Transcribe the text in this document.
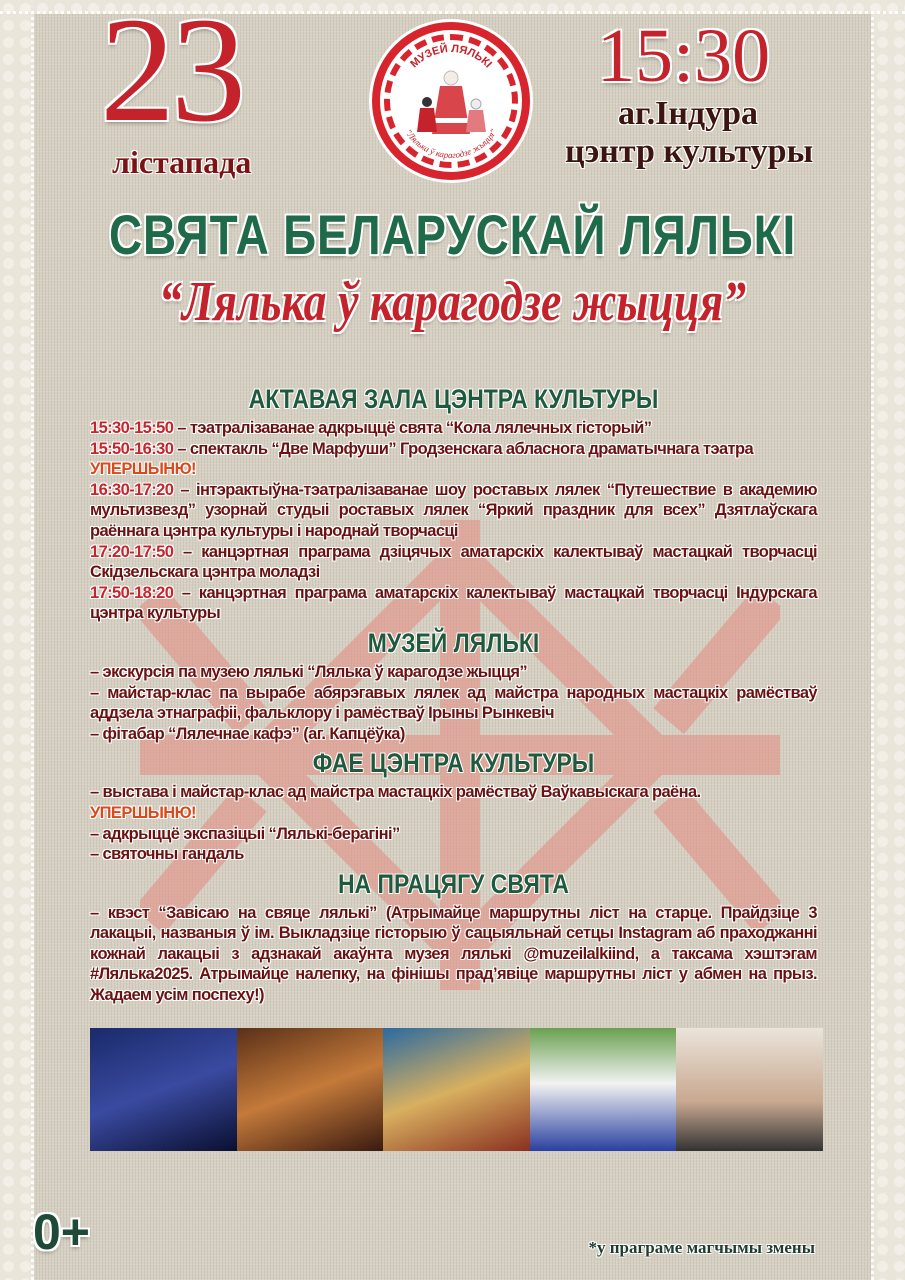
23
лістапада
МУЗЕЙ ЛЯЛЬКІ
"Лялька ў карагодзе жыцця"
15:30
аг.Індура
цэнтр культуры
СВЯТА БЕЛАРУСКАЙ ЛЯЛЬКІ
“Лялька ў карагодзе жыцця”
АКТАВАЯ ЗАЛА ЦЭНТРА КУЛЬТУРЫ

15:30-15:50 – тэатралізаванае адкрыццё свята “Кола лялечных гісторый”

15:50-16:30 – спектакль “Две Марфуши” Гродзенскага абласнога драматычнага тэатра
УПЕРШЫНЮ!

16:30-17:20 – інтэрактыўна-тэатралізаванае шоу роставых лялек “Путешествие в академию мультизвезд” узорнай студыі роставых лялек “Яркий праздник для всех” Дзятлаўскага раённага цэнтра культуры і народнай творчасці

17:20-17:50 – канцэртная праграма дзіцячых аматарскіх калектываў мастацкай творчасці Скідзельскага цэнтра моладзі

17:50-18:20 – канцэртная праграма аматарскіх калектываў мастацкай творчасці Індурскага цэнтра культуры

МУЗЕЙ ЛЯЛЬКІ

– экскурсія па музею лялькі “Лялька ў карагодзе жыцця”

– майстар-клас па вырабе абярэгавых лялек ад майстра народных мастацкіх рамёстваў аддзела этнаграфіі, фальклору і рамёстваў Ірыны Рынкевіч

– фітабар “Лялечнае кафэ” (аг. Капцёўка)

ФАЕ ЦЭНТРА КУЛЬТУРЫ

– выстава і майстар-клас ад майстра мастацкіх рамёстваў Ваўкавыскага раёна.
УПЕРШЫНЮ!

– адкрыццё экспазіцыі “Лялькі-берагіні”

– святочны гандаль

НА ПРАЦЯГУ СВЯТА

– квэст “Завісаю на свяце лялькі” (Атрымайце маршрутны ліст на старце. Прайдзіце 3 лакацыі, названыя ў ім. Выкладзіце гісторыю ў сацыяльнай сетцы Instagram аб праходжанні кожнай лакацыі з адзнакай акаўнта музея лялькі @muzeilalkiind, а таксама хэштэгам #Лялька2025. Атрымайце налепку, на фінішы прад’явіце маршрутны ліст у абмен на прыз. Жадаем усім поспеху!)

0+	*у праграме магчымы змены
